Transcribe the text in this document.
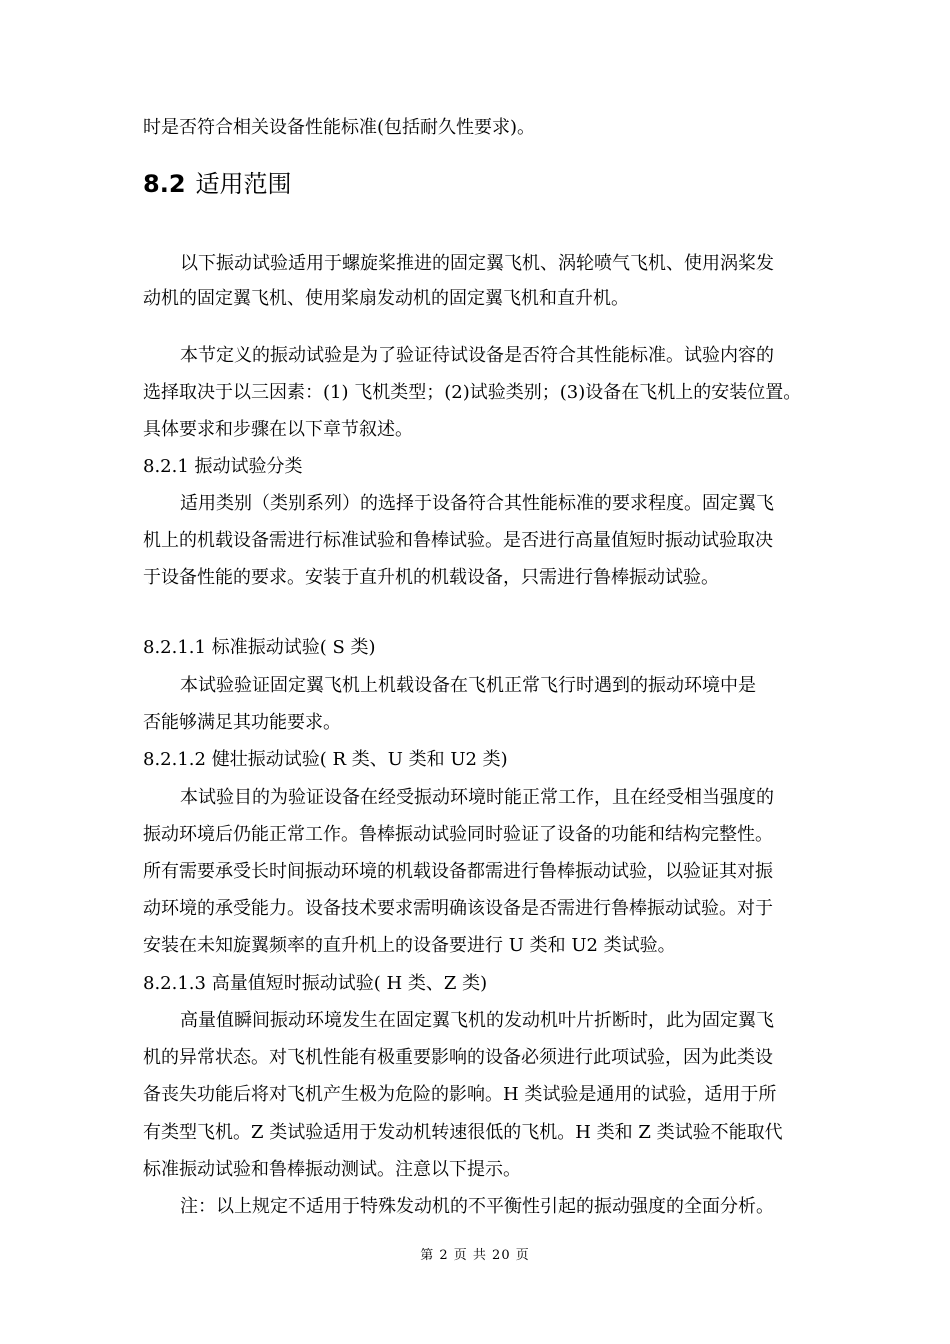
时是否符合相关设备性能标准(包括耐久性要求)。
8.2 适用范围
以下振动试验适用于螺旋桨推进的固定翼飞机、涡轮喷气飞机、使用涡桨发
动机的固定翼飞机、使用桨扇发动机的固定翼飞机和直升机。
本节定义的振动试验是为了验证待试设备是否符合其性能标准。试验内容的
选择取决于以三因素：(1) 飞机类型；(2)试验类别；(3)设备在飞机上的安装位置。
具体要求和步骤在以下章节叙述。
8.2.1 振动试验分类
适用类别（类别系列）的选择于设备符合其性能标准的要求程度。固定翼飞
机上的机载设备需进行标准试验和鲁棒试验。是否进行高量值短时振动试验取决
于设备性能的要求。安装于直升机的机载设备，只需进行鲁棒振动试验。
8.2.1.1 标准振动试验( S 类)
本试验验证固定翼飞机上机载设备在飞机正常飞行时遇到的振动环境中是
否能够满足其功能要求。
8.2.1.2 健壮振动试验( R 类、U 类和 U2 类)
本试验目的为验证设备在经受振动环境时能正常工作，且在经受相当强度的
振动环境后仍能正常工作。鲁棒振动试验同时验证了设备的功能和结构完整性。
所有需要承受长时间振动环境的机载设备都需进行鲁棒振动试验，以验证其对振
动环境的承受能力。设备技术要求需明确该设备是否需进行鲁棒振动试验。对于
安装在未知旋翼频率的直升机上的设备要进行 U 类和 U2 类试验。
8.2.1.3 高量值短时振动试验( H 类、Z 类)
高量值瞬间振动环境发生在固定翼飞机的发动机叶片折断时，此为固定翼飞
机的异常状态。对飞机性能有极重要影响的设备必须进行此项试验，因为此类设
备丧失功能后将对飞机产生极为危险的影响。H 类试验是通用的试验，适用于所
有类型飞机。Z 类试验适用于发动机转速很低的飞机。H 类和 Z 类试验不能取代
标准振动试验和鲁棒振动测试。注意以下提示。
注：以上规定不适用于特殊发动机的不平衡性引起的振动强度的全面分析。
第 2 页 共 20 页
